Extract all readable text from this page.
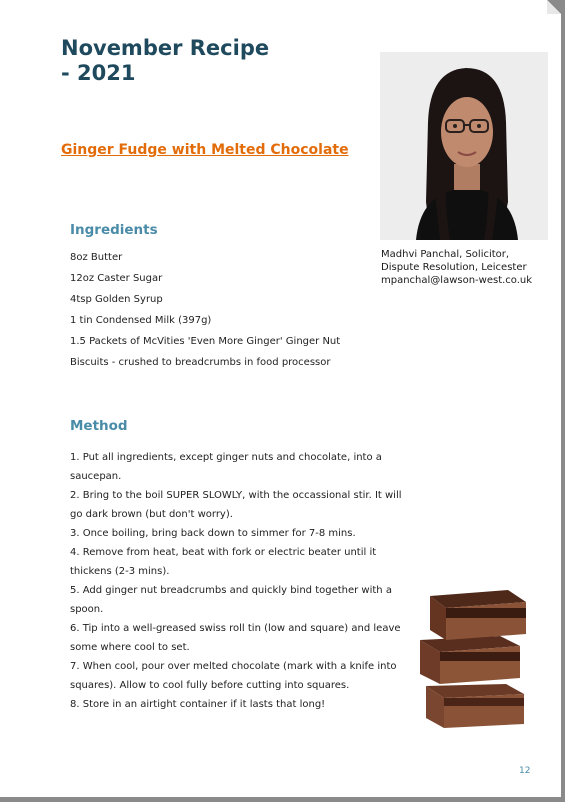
November Recipe
- 2021
Ginger Fudge with Melted Chocolate
Madhvi Panchal, Solicitor,
Dispute Resolution, Leicester
mpanchal@lawson-west.co.uk
Ingredients
8oz Butter
12oz Caster Sugar
4tsp Golden Syrup
1 tin Condensed Milk (397g)
1.5 Packets of McVities 'Even More Ginger' Ginger Nut
Biscuits - crushed to breadcrumbs in food processor
Method
1. Put all ingredients, except ginger nuts and chocolate, into a saucepan.
2. Bring to the boil SUPER SLOWLY, with the occassional stir. It will go dark brown (but don't worry).
3. Once boiling, bring back down to simmer for 7-8 mins.
4. Remove from heat, beat with fork or electric beater until it thickens (2-3 mins).
5. Add ginger nut breadcrumbs and quickly bind together with a spoon.
6. Tip into a well-greased swiss roll tin (low and square) and leave some where cool to set.
7. When cool, pour over melted chocolate (mark with a knife into squares). Allow to cool fully before cutting into squares.
8. Store in an airtight container if it lasts that long!
12
